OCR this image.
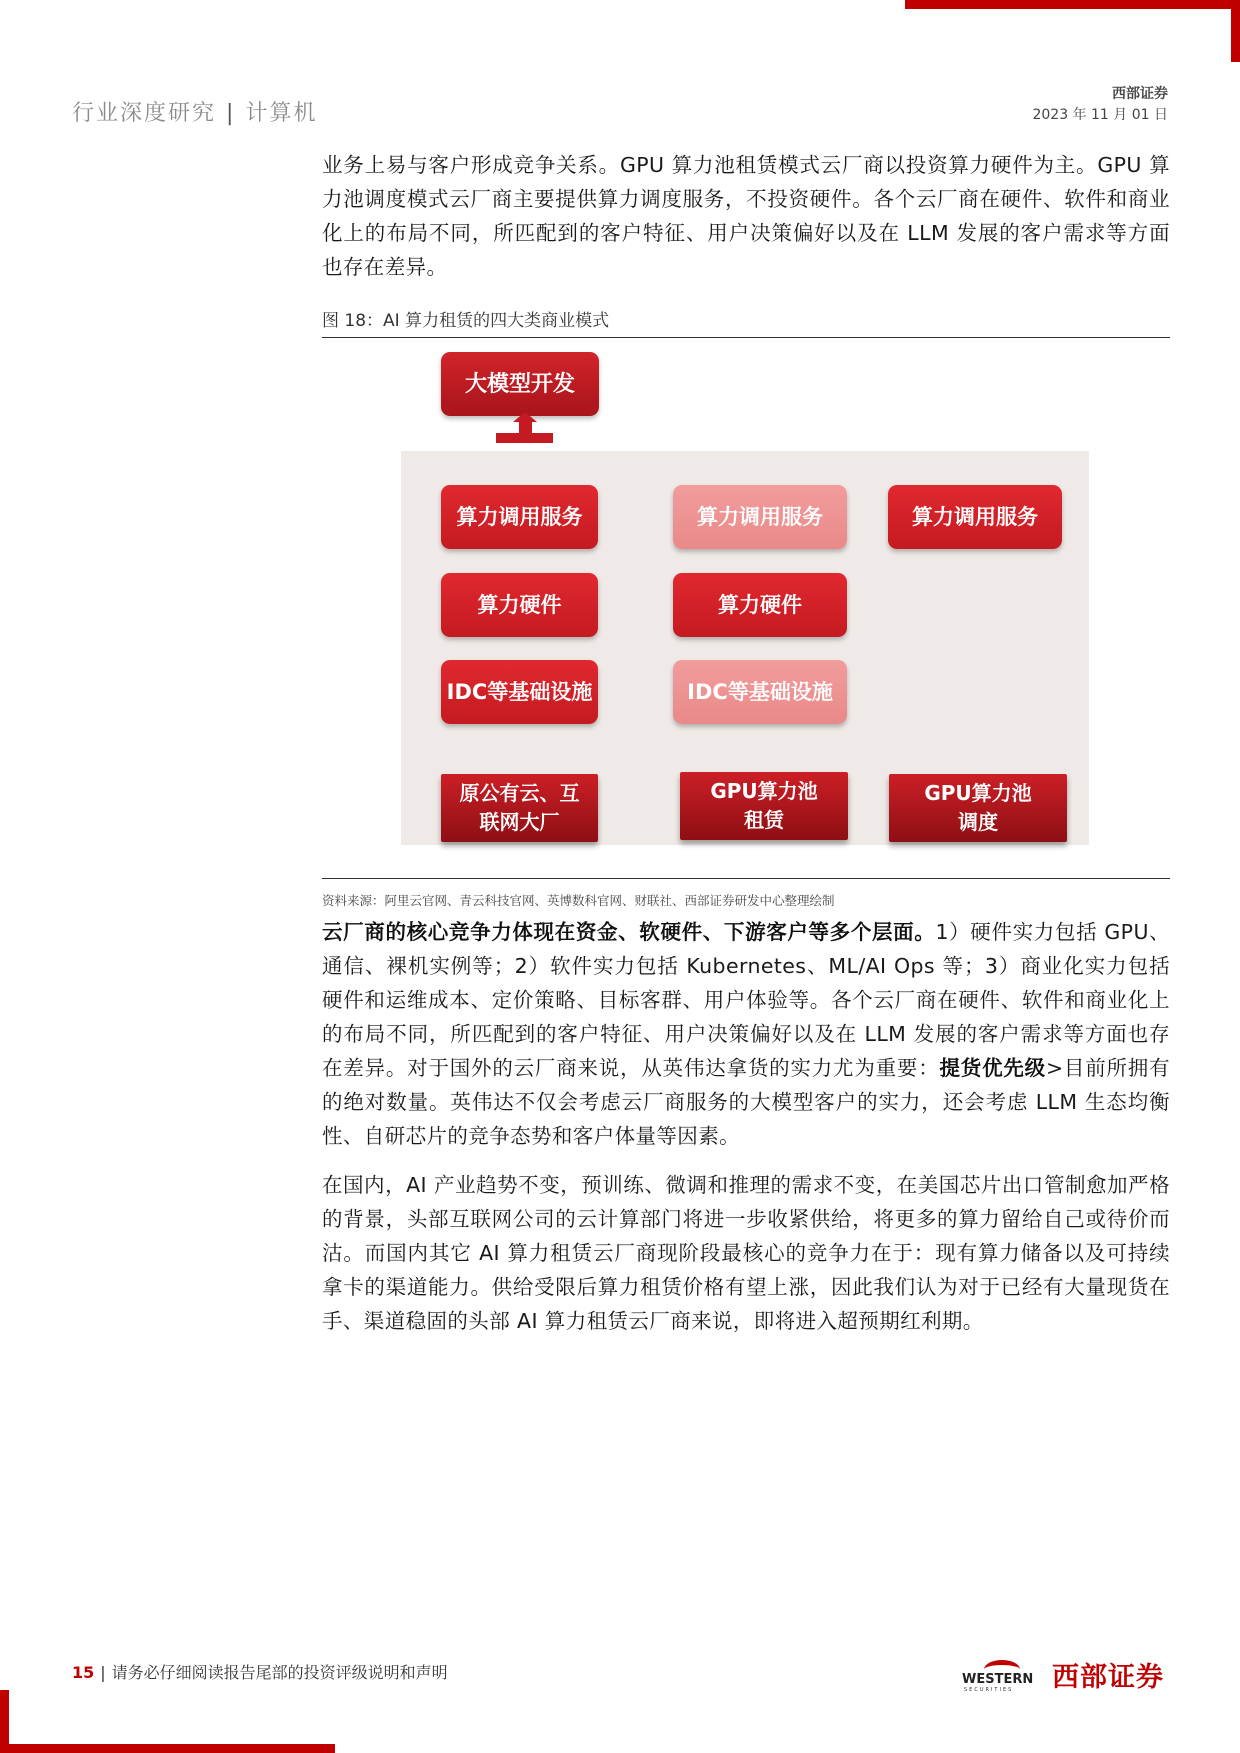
行业深度研究 | 计算机
西部证券
2023 年 11 月 01 日

业务上易与客户形成竞争关系。GPU 算力池租赁模式云厂商以投资算力硬件为主。GPU 算力池调度模式云厂商主要提供算力调度服务，不投资硬件。各个云厂商在硬件、软件和商业化上的布局不同，所匹配到的客户特征、用户决策偏好以及在 LLM 发展的客户需求等方面也存在差异。

图 18：AI 算力租赁的四大类商业模式
大模型开发
算力调用服务
算力硬件
IDC等基础设施
算力调用服务
算力硬件
IDC等基础设施
算力调用服务
原公有云、互联网大厂
GPU算力池租赁
GPU算力池调度
资料来源：阿里云官网、青云科技官网、英博数科官网、财联社、西部证券研发中心整理绘制

云厂商的核心竞争力体现在资金、软硬件、下游客户等多个层面。1）硬件实力包括 GPU、通信、裸机实例等；2）软件实力包括 Kubernetes、ML/AI Ops 等；3）商业化实力包括硬件和运维成本、定价策略、目标客群、用户体验等。各个云厂商在硬件、软件和商业化上的布局不同，所匹配到的客户特征、用户决策偏好以及在 LLM 发展的客户需求等方面也存在差异。对于国外的云厂商来说，从英伟达拿货的实力尤为重要：提货优先级>目前所拥有的绝对数量。英伟达不仅会考虑云厂商服务的大模型客户的实力，还会考虑 LLM 生态均衡性、自研芯片的竞争态势和客户体量等因素。

在国内，AI 产业趋势不变，预训练、微调和推理的需求不变，在美国芯片出口管制愈加严格的背景，头部互联网公司的云计算部门将进一步收紧供给，将更多的算力留给自己或待价而沽。而国内其它 AI 算力租赁云厂商现阶段最核心的竞争力在于：现有算力储备以及可持续拿卡的渠道能力。供给受限后算力租赁价格有望上涨，因此我们认为对于已经有大量现货在手、渠道稳固的头部 AI 算力租赁云厂商来说，即将进入超预期红利期。

15 | 请务必仔细阅读报告尾部的投资评级说明和声明	WESTERN
SECURITIES 西部证券
